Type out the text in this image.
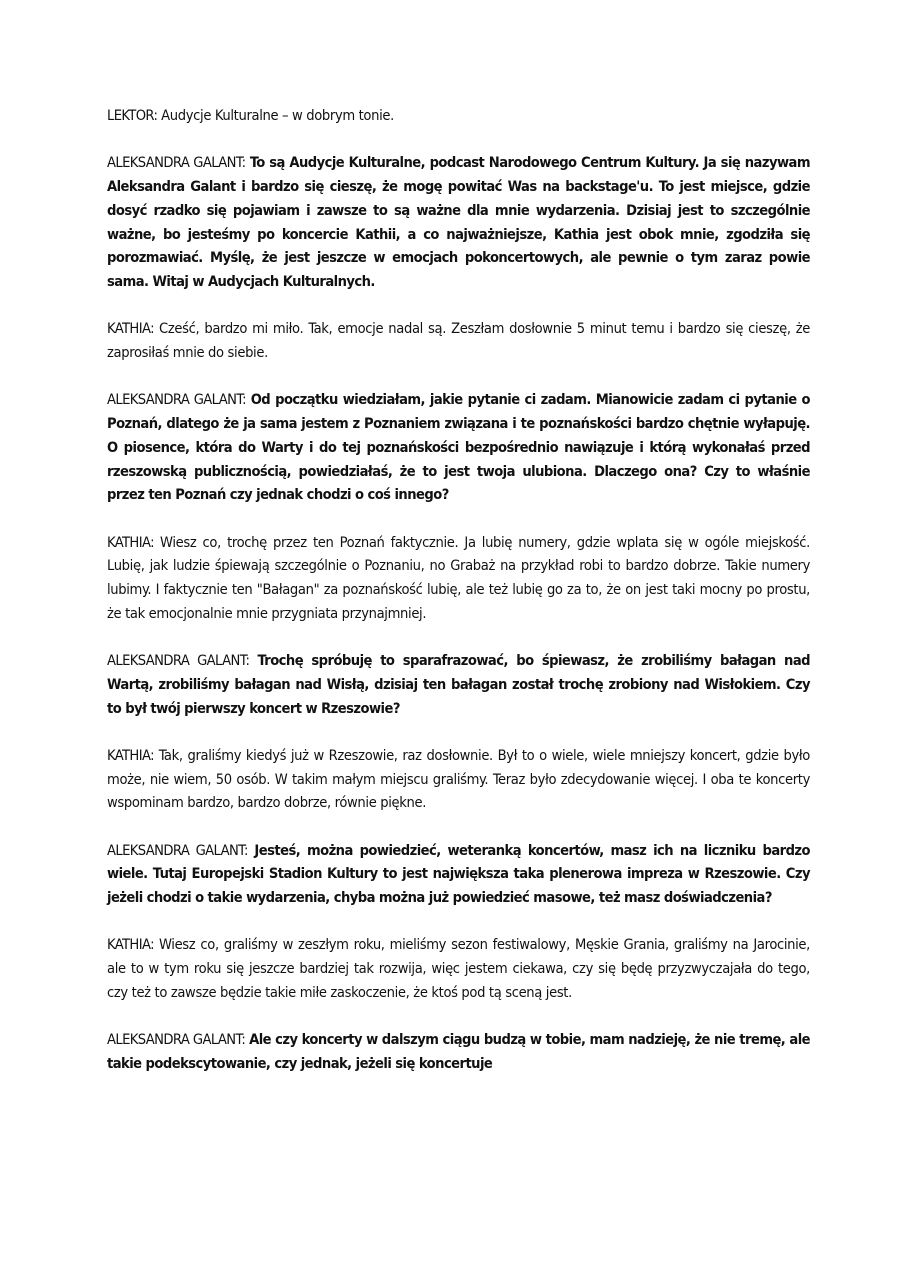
LEKTOR: Audycje Kulturalne – w dobrym tonie.

ALEKSANDRA GALANT: To są Audycje Kulturalne, podcast Narodowego Centrum Kultury. Ja się nazywam Aleksandra Galant i bardzo się cieszę, że mogę powitać Was na backstage'u. To jest miejsce, gdzie dosyć rzadko się pojawiam i zawsze to są ważne dla mnie wydarzenia. Dzisiaj jest to szczególnie ważne, bo jesteśmy po koncercie Kathii, a co najważniejsze, Kathia jest obok mnie, zgodziła się porozmawiać. Myślę, że jest jeszcze w emocjach pokoncertowych, ale pewnie o tym zaraz powie sama. Witaj w Audycjach Kulturalnych.

KATHIA: Cześć, bardzo mi miło. Tak, emocje nadal są. Zeszłam dosłownie 5 minut temu i bardzo się cieszę, że zaprosiłaś mnie do siebie.

ALEKSANDRA GALANT: Od początku wiedziałam, jakie pytanie ci zadam. Mianowicie zadam ci pytanie o Poznań, dlatego że ja sama jestem z Poznaniem związana i te poznańskości bardzo chętnie wyłapuję. O piosence, która do Warty i do tej poznańskości bezpośrednio nawiązuje i którą wykonałaś przed rzeszowską publicznością, powiedziałaś, że to jest twoja ulubiona. Dlaczego ona? Czy to właśnie przez ten Poznań czy jednak chodzi o coś innego?

KATHIA: Wiesz co, trochę przez ten Poznań faktycznie. Ja lubię numery, gdzie wplata się w ogóle miejskość. Lubię, jak ludzie śpiewają szczególnie o Poznaniu, no Grabaż na przykład robi to bardzo dobrze. Takie numery lubimy. I faktycznie ten "Bałagan" za poznańskość lubię, ale też lubię go za to, że on jest taki mocny po prostu, że tak emocjonalnie mnie przygniata przynajmniej.

ALEKSANDRA GALANT: Trochę spróbuję to sparafrazować, bo śpiewasz, że zrobiliśmy bałagan nad Wartą, zrobiliśmy bałagan nad Wisłą, dzisiaj ten bałagan został trochę zrobiony nad Wisłokiem. Czy to był twój pierwszy koncert w Rzeszowie?

KATHIA: Tak, graliśmy kiedyś już w Rzeszowie, raz dosłownie. Był to o wiele, wiele mniejszy koncert, gdzie było może, nie wiem, 50 osób. W takim małym miejscu graliśmy. Teraz było zdecydowanie więcej. I oba te koncerty wspominam bardzo, bardzo dobrze, równie piękne.

ALEKSANDRA GALANT: Jesteś, można powiedzieć, weteranką koncertów, masz ich na liczniku bardzo wiele. Tutaj Europejski Stadion Kultury to jest największa taka plenerowa impreza w Rzeszowie. Czy jeżeli chodzi o takie wydarzenia, chyba można już powiedzieć masowe, też masz doświadczenia?

KATHIA: Wiesz co, graliśmy w zeszłym roku, mieliśmy sezon festiwalowy, Męskie Grania, graliśmy na Jarocinie, ale to w tym roku się jeszcze bardziej tak rozwija, więc jestem ciekawa, czy się będę przyzwyczajała do tego, czy też to zawsze będzie takie miłe zaskoczenie, że ktoś pod tą sceną jest.

ALEKSANDRA GALANT: Ale czy koncerty w dalszym ciągu budzą w tobie, mam nadzieję, że nie tremę, ale takie podekscytowanie, czy jednak, jeżeli się koncertuje
